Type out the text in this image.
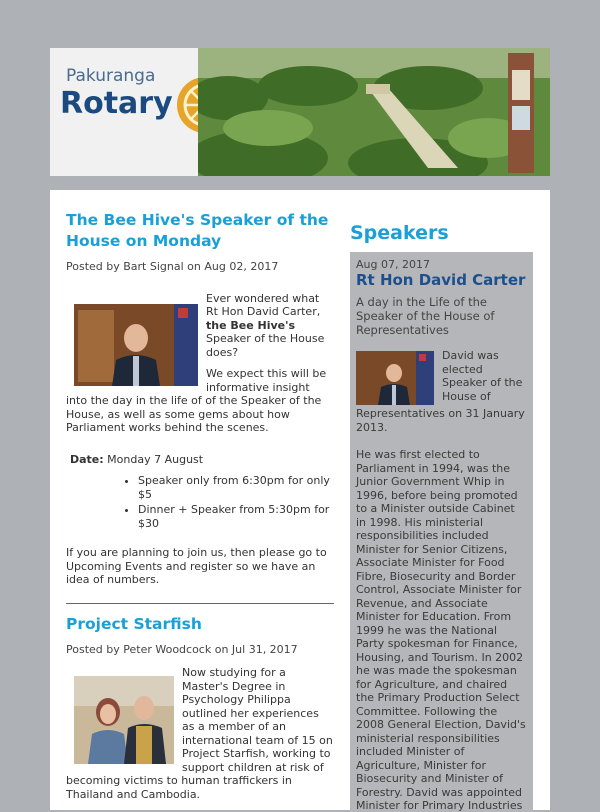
Pakuranga
Rotary
The Bee Hive's Speaker of the House on Monday
Posted by Bart Signal on Aug 02, 2017
Ever wondered what Rt Hon David Carter, the Bee Hive's Speaker of the House does?
We expect this will be informative insight into the day in the life of of the Speaker of the House, as well as some gems about how Parliament works behind the scenes.
Date: Monday 7 August
• Speaker only from 6:30pm for only $5
• Dinner + Speaker from 5:30pm for $30
If you are planning to join us, then please go to Upcoming Events and register so we have an idea of numbers.
Project Starfish
Posted by Peter Woodcock on Jul 31, 2017
Now studying for a Master's Degree in Psychology Philippa outlined her experiences as a member of an international team of 15 on Project Starfish, working to support children at risk of becoming victims to human traffickers in Thailand and Cambodia.
Speakers
Aug 07, 2017
Rt Hon David Carter
A day in the Life of the Speaker of the House of Representatives
David was elected Speaker of the House of Representatives on 31 January 2013.
He was first elected to Parliament in 1994, was the Junior Government Whip in 1996, before being promoted to a Minister outside Cabinet in 1998. His ministerial responsibilities included Minister for Senior Citizens, Associate Minister for Food Fibre, Biosecurity and Border Control, Associate Minister for Revenue, and Associate Minister for Education. From 1999 he was the National Party spokesman for Finance, Housing, and Tourism. In 2002 he was made the spokesman for Agriculture, and chaired the Primary Production Select Committee. Following the 2008 General Election, David's ministerial responsibilities included Minister of Agriculture, Minister for Biosecurity and Minister of Forestry. David was appointed Minister for Primary Industries
